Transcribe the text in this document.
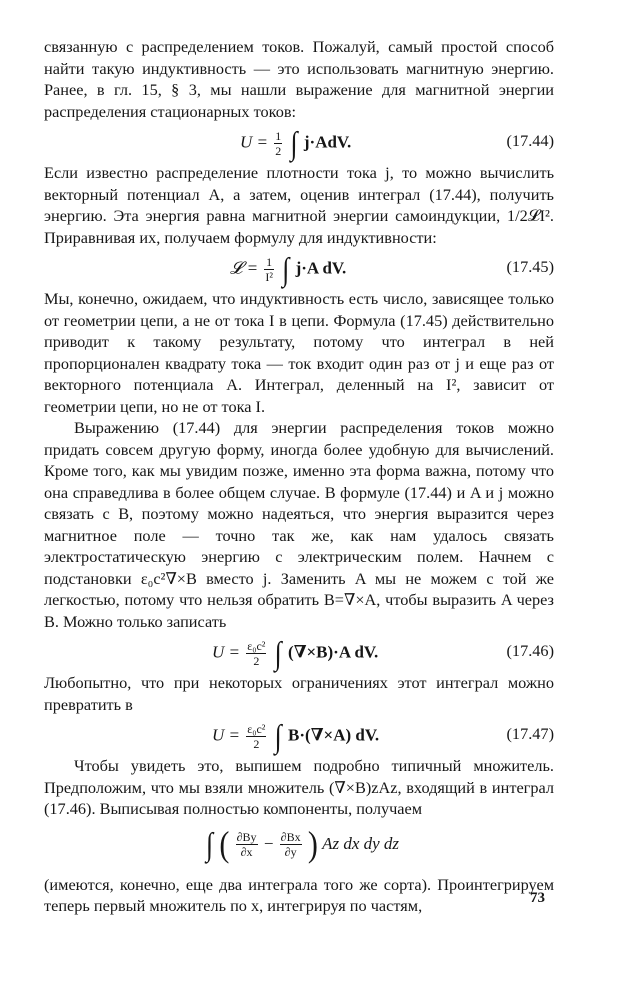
связанную с распределением токов. Пожалуй, самый простой способ найти такую индуктивность — это использовать магнитную энергию. Ранее, в гл. 15, § 3, мы нашли выражение для магнитной энергии распределения стационарных токов:

$U = \frac{1}{2}$ ∫ j·AdV.	(17.44)

Если известно распределение плотности тока j, то можно вычислить векторный потенциал A, а затем, оценив интеграл (17.44), получить энергию. Эта энергия равна магнитной энергии самоиндукции, 1/2𝓛I². Приравнивая их, получаем формулу для индуктивности:

𝓛 = $\frac{1}{\text{I²}}$ ∫ j·A dV.	(17.45)

Мы, конечно, ожидаем, что индуктивность есть число, зависящее только от геометрии цепи, а не от тока I в цепи. Формула (17.45) действительно приводит к такому результату, потому что интеграл в ней пропорционален квадрату тока — ток входит один раз от j и еще раз от векторного потенциала A. Интеграл, деленный на I², зависит от геометрии цепи, но не от тока I.

Выражению (17.44) для энергии распределения токов можно придать совсем другую форму, иногда более удобную для вычислений. Кроме того, как мы увидим позже, именно эта форма важна, потому что она справедлива в более общем случае. В формуле (17.44) и A и j можно связать с B, поэтому можно надеяться, что энергия выразится через магнитное поле — точно так же, как нам удалось связать электростатическую энергию с электрическим полем. Начнем с подстановки ε₀c²∇×B вместо j. Заменить A мы не можем с той же легкостью, потому что нельзя обратить B=∇×A, чтобы выразить A через B. Можно только записать

$U = \frac{\text{ε₀c²}}{2}$ ∫ (∇×B)·A dV.	(17.46)

Любопытно, что при некоторых ограничениях этот интеграл можно превратить в

$U = \frac{\text{ε₀c²}}{2}$ ∫ B·(∇×A) dV.	(17.47)

Чтобы увидеть это, выпишем подробно типичный множитель. Предположим, что мы взяли множитель (∇×B)zAz, входящий в интеграл (17.46). Выписывая полностью компоненты, получаем

∫ ( $\frac{\partial By}{\partial x} - \frac{\partial Bx}{\partial y}$ ) Az dx dy dz

(имеются, конечно, еще два интеграла того же сорта). Проинтегрируем теперь первый множитель по x, интегрируя по частям,	73
